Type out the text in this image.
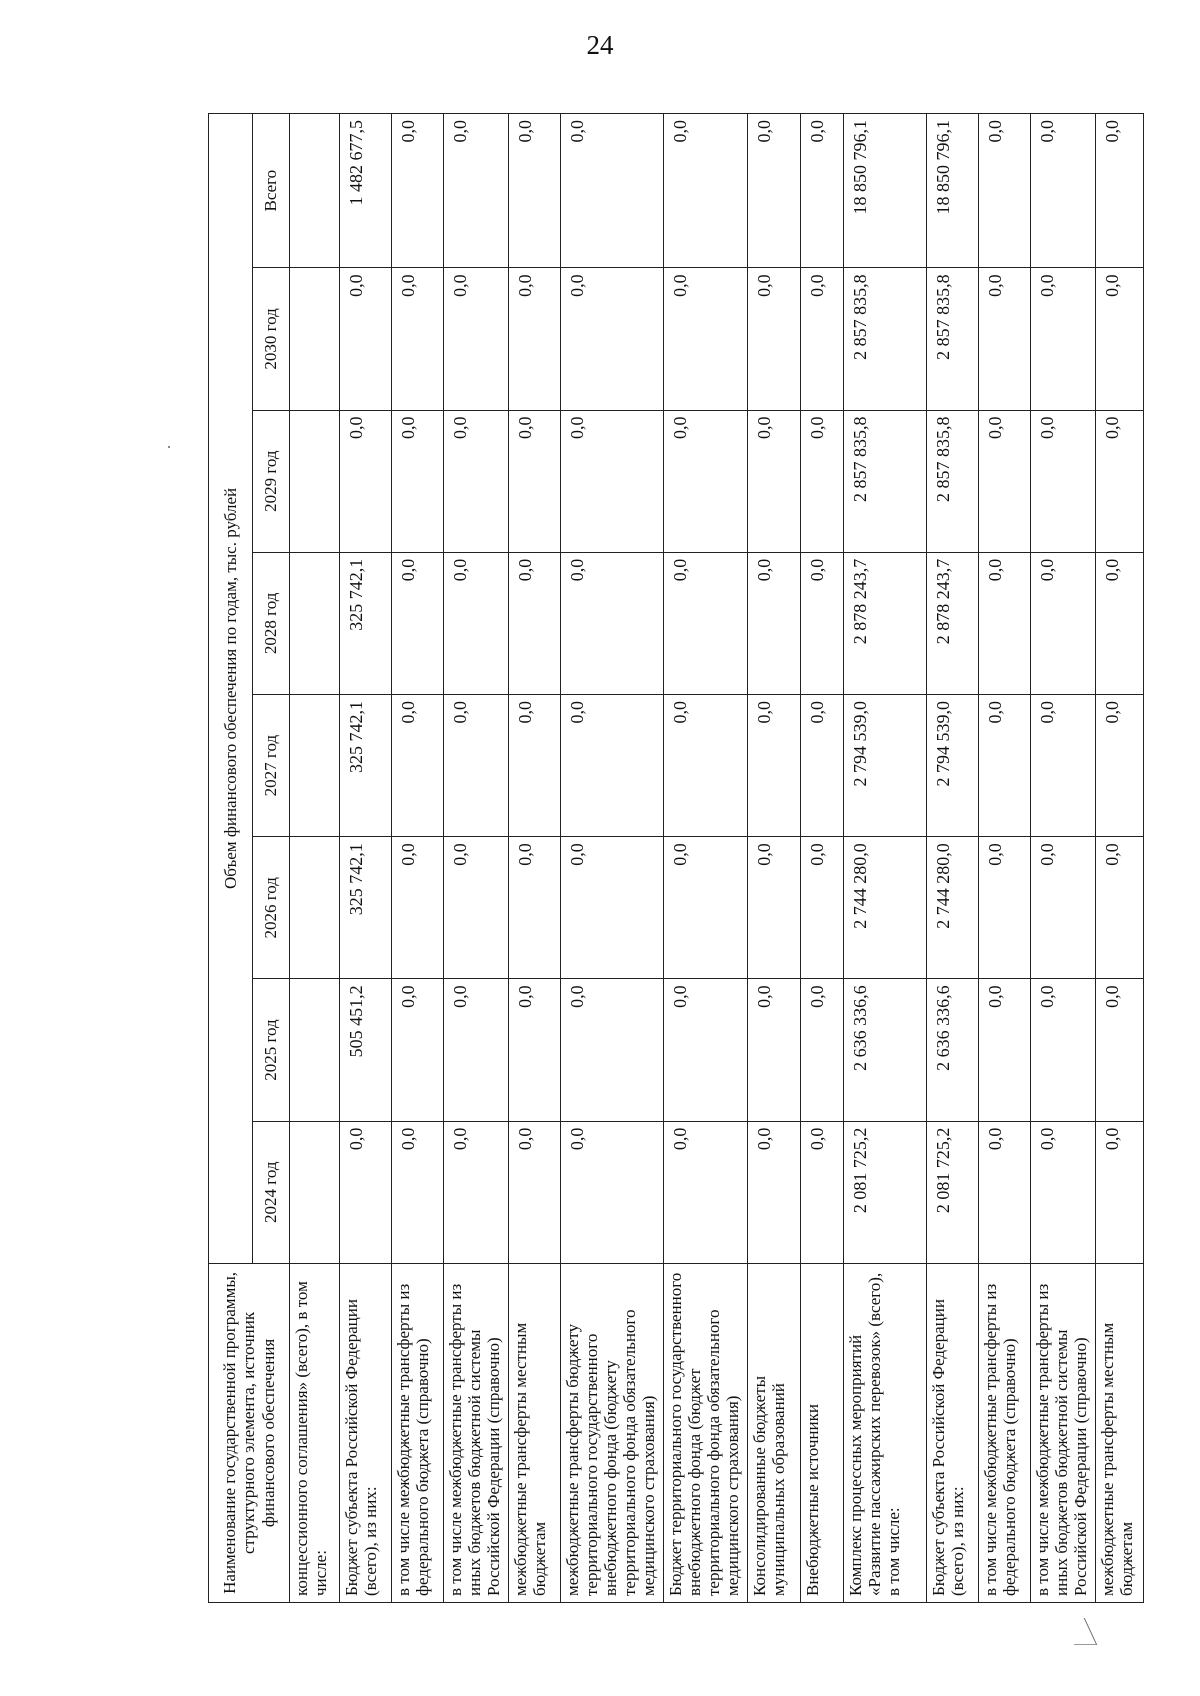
24
Наименование государственной программы, структурного элемента, источник финансового обеспечения	Объем финансового обеспечения по годам, тыс. рублей							
	2024 год	2025 год	2026 год	2027 год	2028 год	2029 год	2030 год	Всего
концессионного соглашения» (всего), в том числе:								
Бюджет субъекта Российской Федерации (всего), из них:	0,0	505 451,2	325 742,1	325 742,1	325 742,1	0,0	0,0	1 482 677,5
в том числе межбюджетные трансферты из федерального бюджета (справочно)	0,0	0,0	0,0	0,0	0,0	0,0	0,0	0,0
в том числе межбюджетные трансферты из иных бюджетов бюджетной системы Российской Федерации (справочно)	0,0	0,0	0,0	0,0	0,0	0,0	0,0	0,0
межбюджетные трансферты местным бюджетам	0,0	0,0	0,0	0,0	0,0	0,0	0,0	0,0
межбюджетные трансферты бюджету территориального государственного внебюджетного фонда (бюджету территориального фонда обязательного медицинского страхования)	0,0	0,0	0,0	0,0	0,0	0,0	0,0	0,0
Бюджет территориального государственного внебюджетного фонда (бюджет территориального фонда обязательного медицинского страхования)	0,0	0,0	0,0	0,0	0,0	0,0	0,0	0,0
Консолидированные бюджеты муниципальных образований	0,0	0,0	0,0	0,0	0,0	0,0	0,0	0,0
Внебюджетные источники	0,0	0,0	0,0	0,0	0,0	0,0	0,0	0,0
Комплекс процессных мероприятий «Развитие пассажирских перевозок» (всего), в том числе:	2 081 725,2	2 636 336,6	2 744 280,0	2 794 539,0	2 878 243,7	2 857 835,8	2 857 835,8	18 850 796,1
Бюджет субъекта Российской Федерации (всего), из них:	2 081 725,2	2 636 336,6	2 744 280,0	2 794 539,0	2 878 243,7	2 857 835,8	2 857 835,8	18 850 796,1
в том числе межбюджетные трансферты из федерального бюджета (справочно)	0,0	0,0	0,0	0,0	0,0	0,0	0,0	0,0
в том числе межбюджетные трансферты из иных бюджетов бюджетной системы Российской Федерации (справочно)	0,0	0,0	0,0	0,0	0,0	0,0	0,0	0,0
межбюджетные трансферты местным бюджетам	0,0	0,0	0,0	0,0	0,0	0,0	0,0	0,0
